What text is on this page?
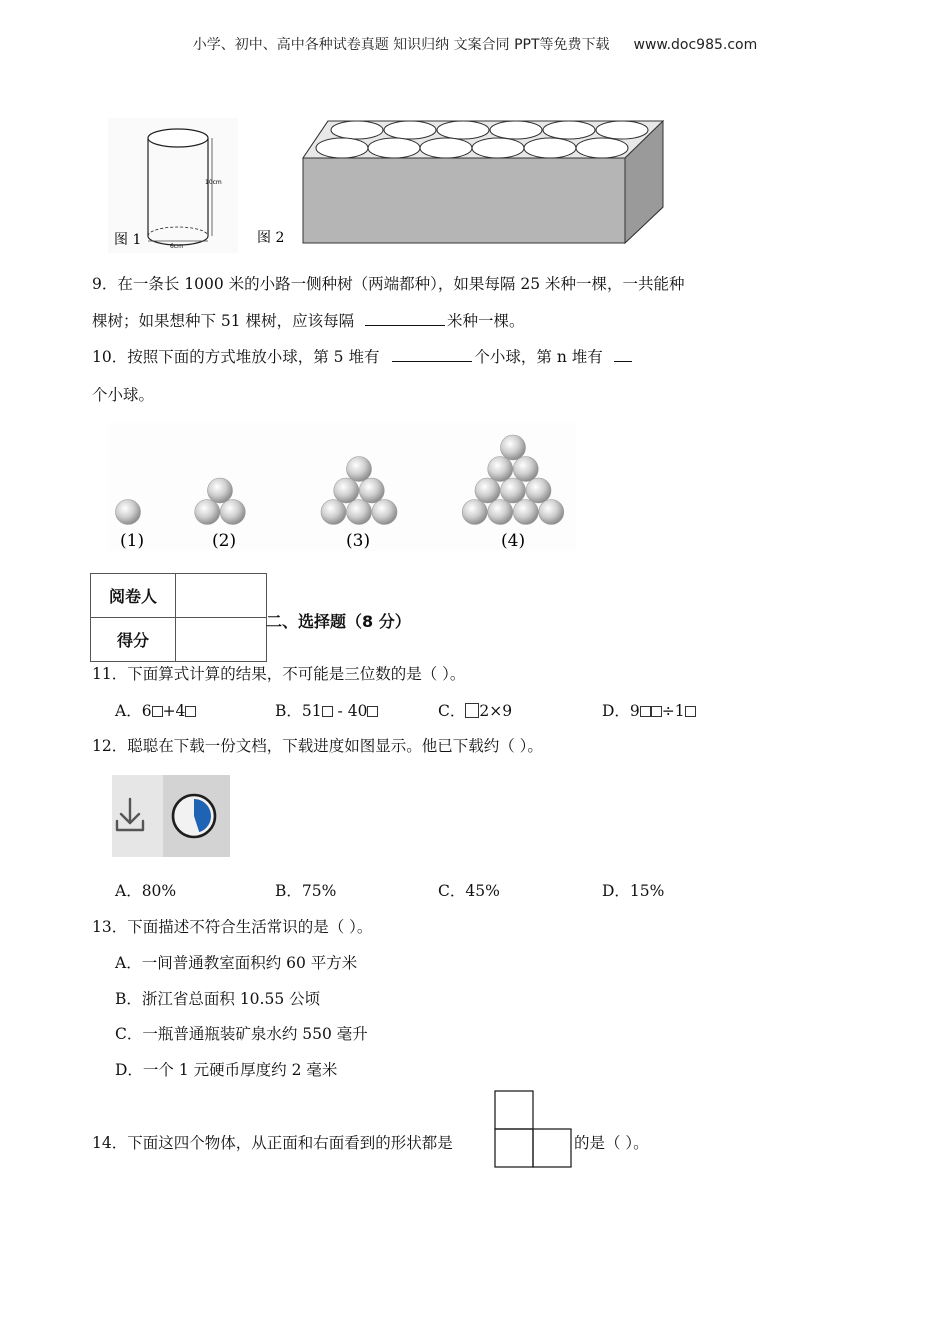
小学、初中、高中各种试卷真题 知识归纳 文案合同 PPT等免费下载 www.doc985.com
10cm
6cm
图 1	图 2
9．在一条长 1000 米的小路一侧种树（两端都种），如果每隔 25 米种一棵，一共能种
棵树；如果想种下 51 棵树，应该每隔	米种一棵。
10．按照下面的方式堆放小球，第 5 堆有	个小球，第 n 堆有
个小球。
(1)	(2)	(3)	(4)
阅卷人	
得分	
二、选择题（8 分）
11．下面算式计算的结果，不可能是三位数的是（ ）。
A．6 +4	B．51 - 40	C． 2×9	D．9 ÷1
12．聪聪在下载一份文档，下载进度如图显示。他已下载约（ ）。
A．80%	B．75%	C．45%	D．15%
13．下面描述不符合生活常识的是（ ）。
A．一间普通教室面积约 60 平方米
B．浙江省总面积 10.55 公顷
C．一瓶普通瓶装矿泉水约 550 毫升
D．一个 1 元硬币厚度约 2 毫米
14．下面这四个物体，从正面和右面看到的形状都是	的是（ ）。
